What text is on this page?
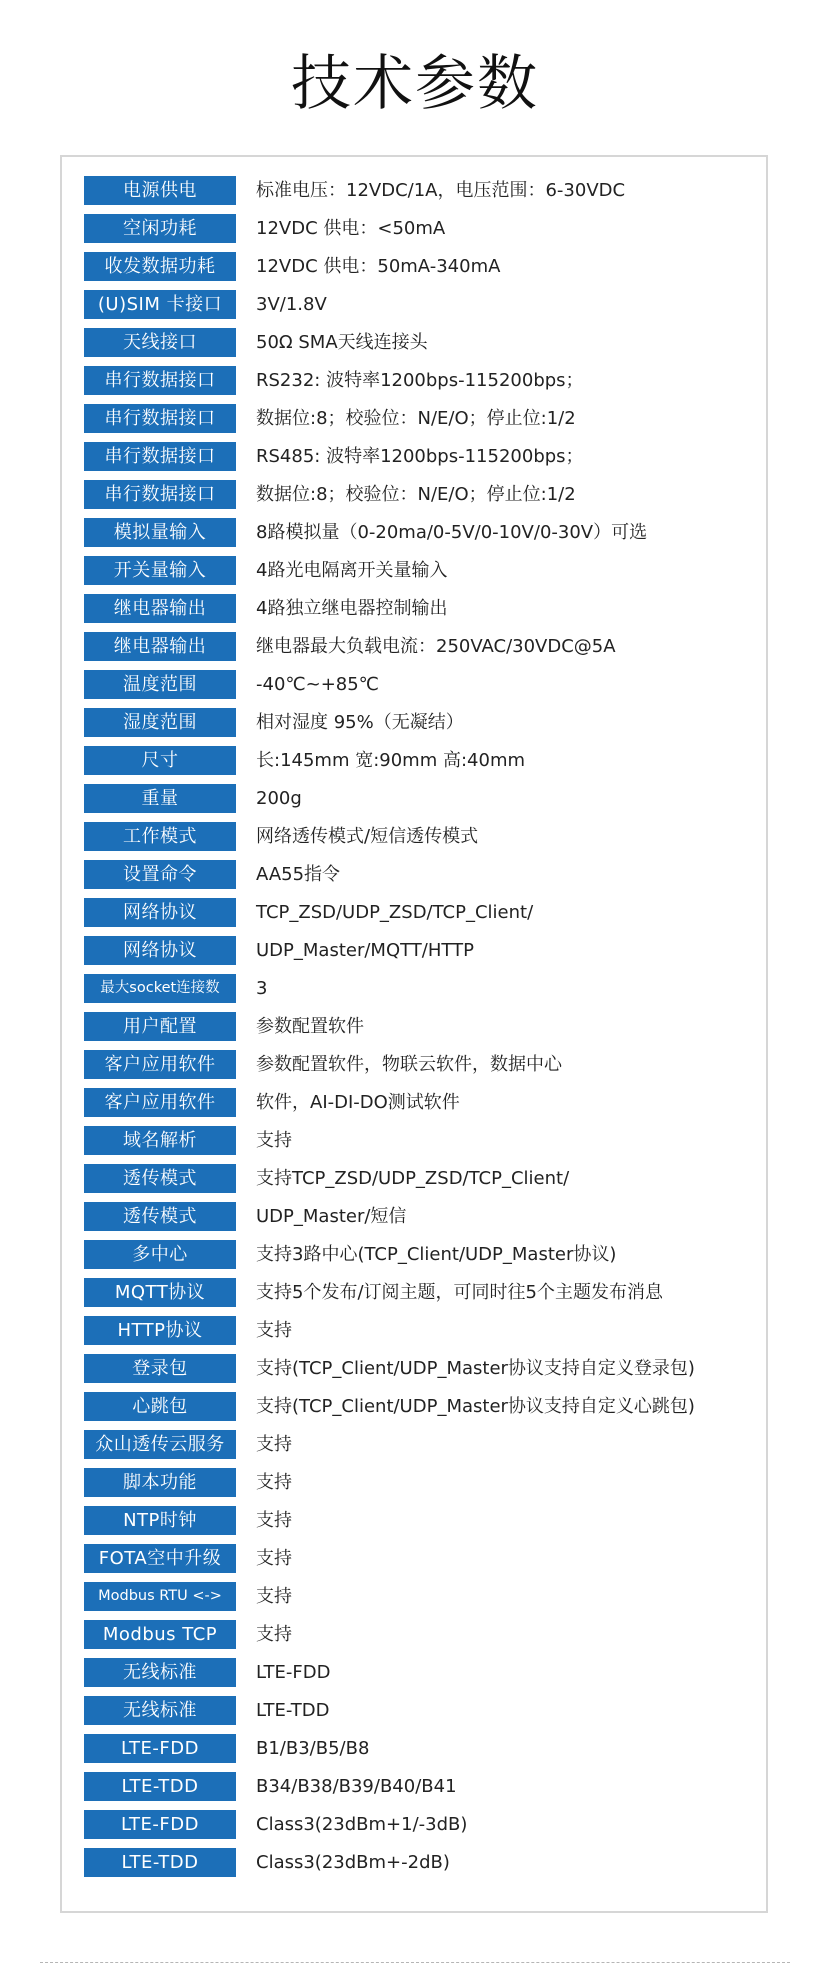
技术参数
电源供电	标准电压：12VDC/1A，电压范围：6-30VDC
空闲功耗	12VDC 供电：<50mA
收发数据功耗	12VDC 供电：50mA-340mA
(U)SIM 卡接口	3V/1.8V
天线接口	50Ω SMA天线连接头
串行数据接口	RS232: 波特率1200bps-115200bps；
串行数据接口	数据位:8；校验位：N/E/O；停止位:1/2
串行数据接口	RS485: 波特率1200bps-115200bps；
串行数据接口	数据位:8；校验位：N/E/O；停止位:1/2
模拟量输入	8路模拟量（0-20ma/0-5V/0-10V/0-30V）可选
开关量输入	4路光电隔离开关量输入
继电器输出	4路独立继电器控制输出
继电器输出	继电器最大负载电流：250VAC/30VDC@5A
温度范围	-40℃~+85℃
湿度范围	相对湿度 95%（无凝结）
尺寸	长:145mm 宽:90mm 高:40mm
重量	200g
工作模式	网络透传模式/短信透传模式
设置命令	AA55指令
网络协议	TCP_ZSD/UDP_ZSD/TCP_Client/
网络协议	UDP_Master/MQTT/HTTP
最大socket连接数	3
用户配置	参数配置软件
客户应用软件	参数配置软件，物联云软件，数据中心
客户应用软件	软件，AI-DI-DO测试软件
域名解析	支持
透传模式	支持TCP_ZSD/UDP_ZSD/TCP_Client/
透传模式	UDP_Master/短信
多中心	支持3路中心(TCP_Client/UDP_Master协议)
MQTT协议	支持5个发布/订阅主题，可同时往5个主题发布消息
HTTP协议	支持
登录包	支持(TCP_Client/UDP_Master协议支持自定义登录包)
心跳包	支持(TCP_Client/UDP_Master协议支持自定义心跳包)
众山透传云服务	支持
脚本功能	支持
NTP时钟	支持
FOTA空中升级	支持
Modbus RTU <->	支持
Modbus TCP	支持
无线标准	LTE-FDD
无线标准	LTE-TDD
LTE-FDD	B1/B3/B5/B8
LTE-TDD	B34/B38/B39/B40/B41
LTE-FDD	Class3(23dBm+1/-3dB)
LTE-TDD	Class3(23dBm+-2dB)
